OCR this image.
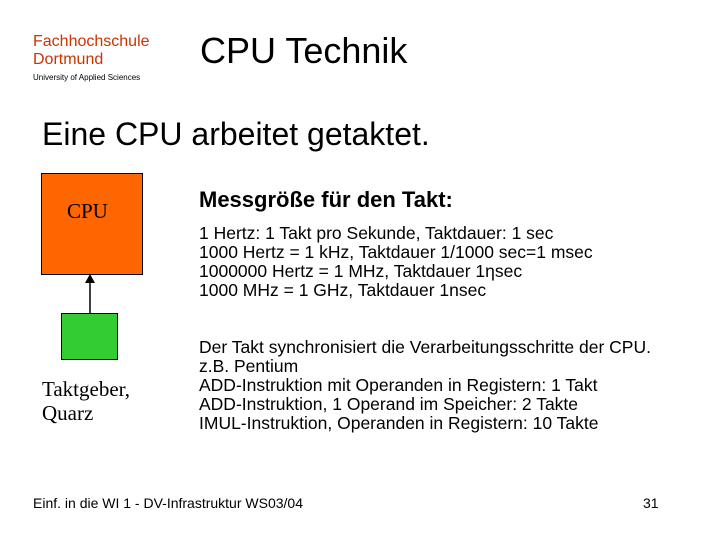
Fachhochschule
Dortmund
University of Applied Sciences
CPU Technik
Eine CPU arbeitet getaktet.
CPU
Taktgeber,
Quarz
Messgröße für den Takt:
1 Hertz: 1 Takt pro Sekunde, Taktdauer: 1 sec
1000 Hertz = 1 kHz, Taktdauer 1/1000 sec=1 msec
1000000 Hertz = 1 MHz, Taktdauer 1ηsec
1000 MHz = 1 GHz, Taktdauer 1nsec
Der Takt synchronisiert die Verarbeitungsschritte der CPU.
z.B. Pentium
ADD-Instruktion mit Operanden in Registern: 1 Takt
ADD-Instruktion, 1 Operand im Speicher: 2 Takte
IMUL-Instruktion, Operanden in Registern: 10 Takte
Einf. in die WI 1 - DV-Infrastruktur WS03/04	31
